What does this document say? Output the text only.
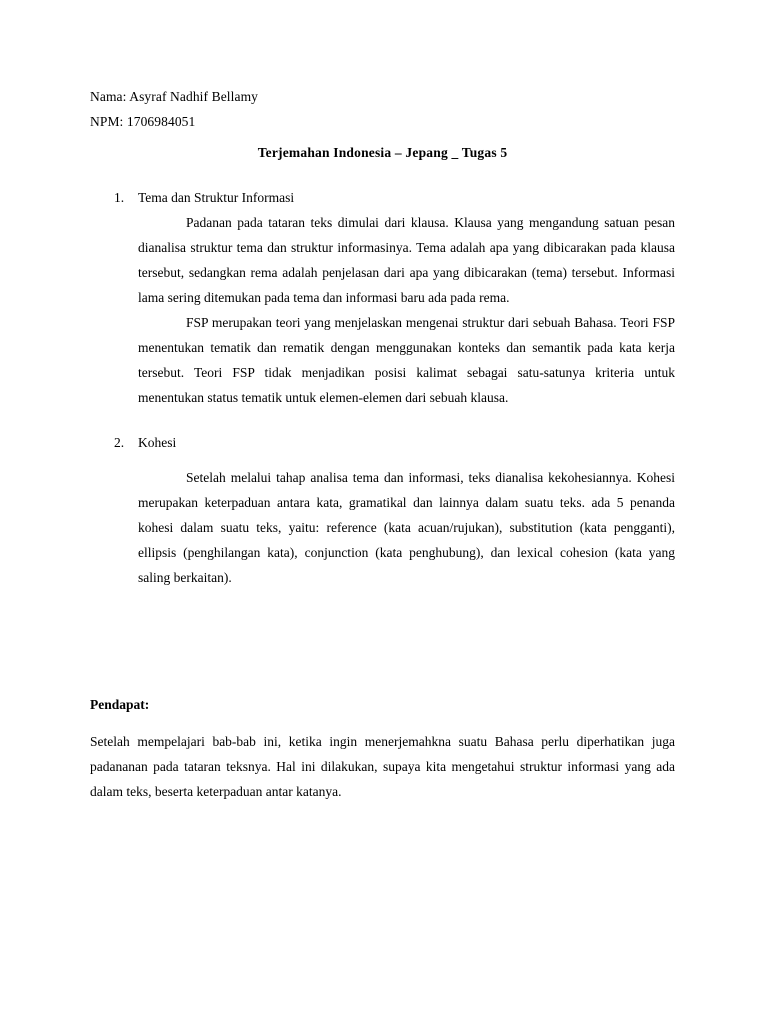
Nama: Asyraf Nadhif Bellamy
NPM: 1706984051
Terjemahan Indonesia – Jepang _ Tugas 5
1. Tema dan Struktur Informasi

Padanan pada tataran teks dimulai dari klausa. Klausa yang mengandung satuan pesan dianalisa struktur tema dan struktur informasinya. Tema adalah apa yang dibicarakan pada klausa tersebut, sedangkan rema adalah penjelasan dari apa yang dibicarakan (tema) tersebut. Informasi lama sering ditemukan pada tema dan informasi baru ada pada rema.

FSP merupakan teori yang menjelaskan mengenai struktur dari sebuah Bahasa. Teori FSP menentukan tematik dan rematik dengan menggunakan konteks dan semantik pada kata kerja tersebut. Teori FSP tidak menjadikan posisi kalimat sebagai satu-satunya kriteria untuk menentukan status tematik untuk elemen-elemen dari sebuah klausa.

2. Kohesi

Setelah melalui tahap analisa tema dan informasi, teks dianalisa kekohesiannya. Kohesi merupakan keterpaduan antara kata, gramatikal dan lainnya dalam suatu teks. ada 5 penanda kohesi dalam suatu teks, yaitu: reference (kata acuan/rujukan), substitution (kata pengganti), ellipsis (penghilangan kata), conjunction (kata penghubung), dan lexical cohesion (kata yang saling berkaitan).

Pendapat:

Setelah mempelajari bab-bab ini, ketika ingin menerjemahkna suatu Bahasa perlu diperhatikan juga padananan pada tataran teksnya. Hal ini dilakukan, supaya kita mengetahui struktur informasi yang ada dalam teks, beserta keterpaduan antar katanya.
